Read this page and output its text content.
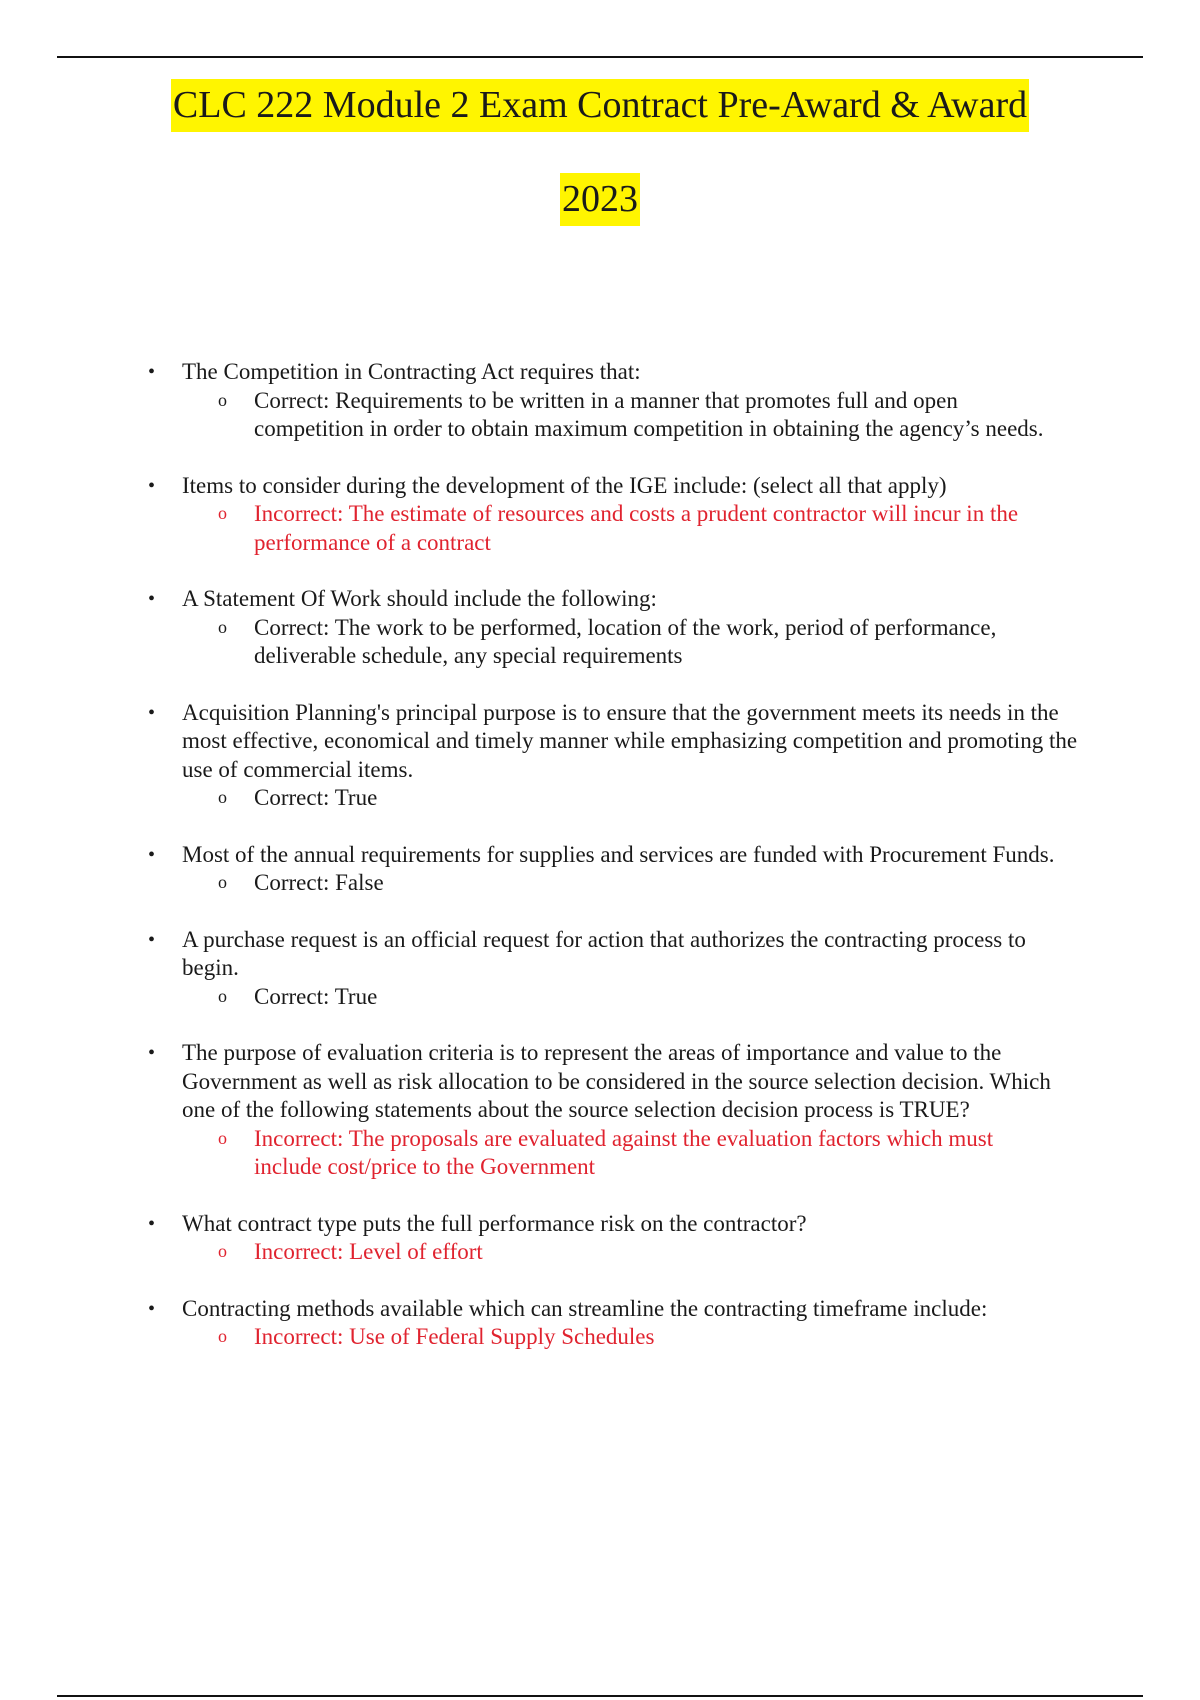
CLC 222 Module 2 Exam Contract Pre-Award & Award
2023
• The Competition in Contracting Act requires that:
o Correct: Requirements to be written in a manner that promotes full and open competition in order to obtain maximum competition in obtaining the agency’s needs.
• Items to consider during the development of the IGE include: (select all that apply)
o Incorrect: The estimate of resources and costs a prudent contractor will incur in the performance of a contract
• A Statement Of Work should include the following:
o Correct: The work to be performed, location of the work, period of performance, deliverable schedule, any special requirements
• Acquisition Planning's principal purpose is to ensure that the government meets its needs in the most effective, economical and timely manner while emphasizing competition and promoting the use of commercial items.
o Correct: True
• Most of the annual requirements for supplies and services are funded with Procurement Funds.
o Correct: False
• A purchase request is an official request for action that authorizes the contracting process to begin.
o Correct: True
• The purpose of evaluation criteria is to represent the areas of importance and value to the Government as well as risk allocation to be considered in the source selection decision. Which one of the following statements about the source selection decision process is TRUE?
o Incorrect: The proposals are evaluated against the evaluation factors which must include cost/price to the Government
• What contract type puts the full performance risk on the contractor?
o Incorrect: Level of effort
• Contracting methods available which can streamline the contracting timeframe include:
o Incorrect: Use of Federal Supply Schedules
